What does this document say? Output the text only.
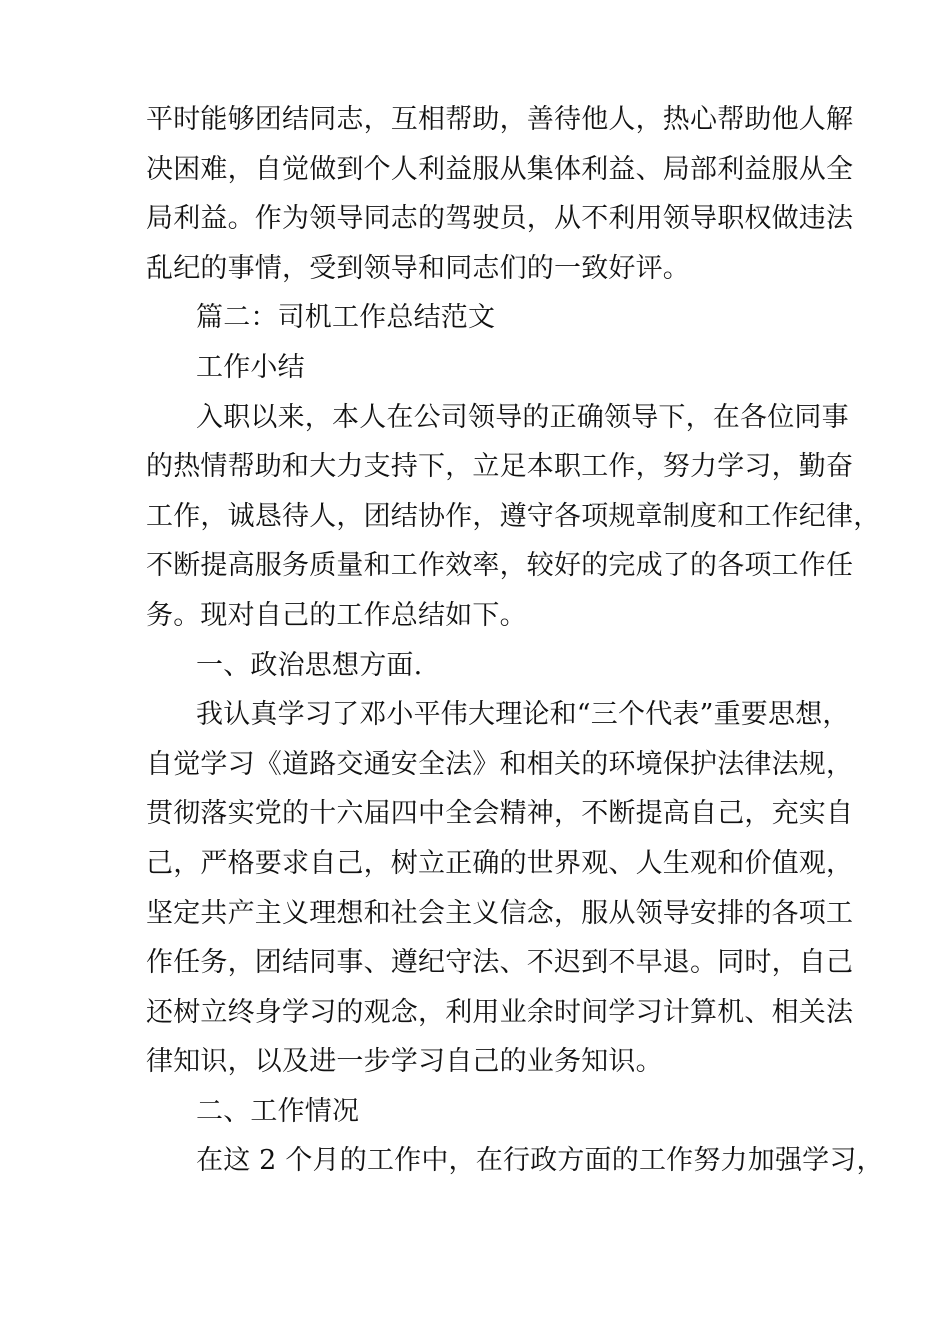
平时能够团结同志，互相帮助，善待他人，热心帮助他人解
决困难，自觉做到个人利益服从集体利益、局部利益服从全
局利益。作为领导同志的驾驶员，从不利用领导职权做违法
乱纪的事情，受到领导和同志们的一致好评。
篇二：司机工作总结范文
工作小结
入职以来，本人在公司领导的正确领导下，在各位同事
的热情帮助和大力支持下，立足本职工作，努力学习，勤奋
工作，诚恳待人，团结协作，遵守各项规章制度和工作纪律，
不断提高服务质量和工作效率，较好的完成了的各项工作任
务。现对自己的工作总结如下。
一、政治思想方面.
我认真学习了邓小平伟大理论和“三个代表”重要思想，
自觉学习《道路交通安全法》和相关的环境保护法律法规，
贯彻落实党的十六届四中全会精神，不断提高自己，充实自
己，严格要求自己，树立正确的世界观、人生观和价值观，
坚定共产主义理想和社会主义信念，服从领导安排的各项工
作任务，团结同事、遵纪守法、不迟到不早退。同时，自己
还树立终身学习的观念，利用业余时间学习计算机、相关法
律知识，以及进一步学习自己的业务知识。
二、工作情况
在这 2 个月的工作中，在行政方面的工作努力加强学习，
